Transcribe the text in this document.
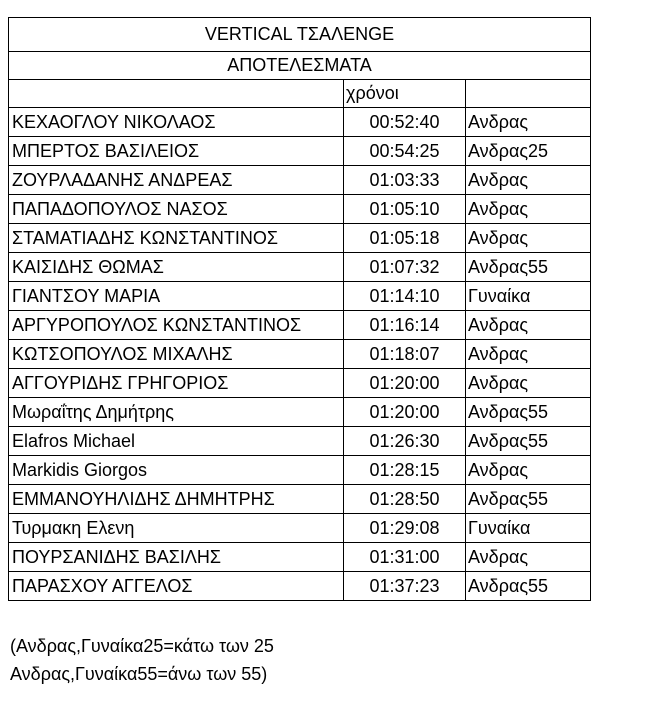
VERTICAL ΤΣΑΛΕΝGE		
ΑΠΟΤΕΛΕΣΜΑΤΑ		
	χρόνοι	
ΚΕΧΑΟΓΛΟΥ ΝΙΚΟΛΑΟΣ	00:52:40	Ανδρας
ΜΠΕΡΤΟΣ ΒΑΣΙΛΕΙΟΣ	00:54:25	Ανδρας25
ΖΟΥΡΛΑΔΑΝΗΣ ΑΝΔΡΕΑΣ	01:03:33	Ανδρας
ΠΑΠΑΔΟΠΟΥΛΟΣ ΝΑΣΟΣ	01:05:10	Ανδρας
ΣΤΑΜΑΤΙΑΔΗΣ ΚΩΝΣΤΑΝΤΙΝΟΣ	01:05:18	Ανδρας
ΚΑΙΣΙΔΗΣ ΘΩΜΑΣ	01:07:32	Ανδρας55
ΓΙΑΝΤΣΟΥ ΜΑΡΙΑ	01:14:10	Γυναίκα
ΑΡΓΥΡΟΠΟΥΛΟΣ ΚΩΝΣΤΑΝΤΙΝΟΣ	01:16:14	Ανδρας
ΚΩΤΣΟΠΟΥΛΟΣ ΜΙΧΑΛΗΣ	01:18:07	Ανδρας
ΑΓΓΟΥΡΙΔΗΣ ΓΡΗΓΟΡΙΟΣ	01:20:00	Ανδρας
Μωραΐτης Δημήτρης	01:20:00	Ανδρας55
Elafros Michael	01:26:30	Ανδρας55
Markidis Giorgos	01:28:15	Ανδρας
ΕΜΜΑΝΟΥΗΛΙΔΗΣ ΔΗΜΗΤΡΗΣ	01:28:50	Ανδρας55
Τυρμακη Ελενη	01:29:08	Γυναίκα
ΠΟΥΡΣΑΝΙΔΗΣ ΒΑΣΙΛΗΣ	01:31:00	Ανδρας
ΠΑΡΑΣΧΟΥ ΑΓΓΕΛΟΣ	01:37:23	Ανδρας55
(Ανδρας,Γυναίκα25=κάτω των 25
Ανδρας,Γυναίκα55=άνω των 55)
